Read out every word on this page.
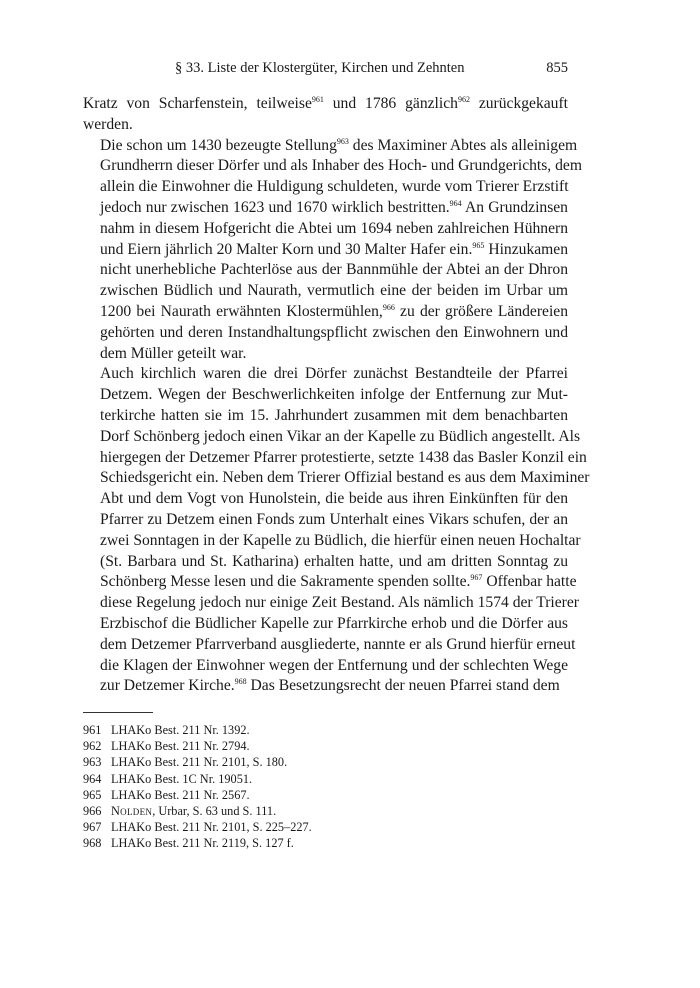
§ 33. Liste der Klostergüter, Kirchen und Zehnten	855

Kratz von Scharfenstein, teilweise$^{961}$ und 1786 gänzlich$^{962}$ zurückgekauft
werden.

Die schon um 1430 bezeugte Stellung$^{963}$ des Maximiner Abtes als alleinigem
Grundherrn dieser Dörfer und als Inhaber des Hoch- und Grundgerichts, dem
allein die Einwohner die Huldigung schuldeten, wurde vom Trierer Erzstift
jedoch nur zwischen 1623 und 1670 wirklich bestritten.$^{964}$ An Grundzinsen
nahm in diesem Hofgericht die Abtei um 1694 neben zahlreichen Hühnern
und Eiern jährlich 20 Malter Korn und 30 Malter Hafer ein.$^{965}$ Hinzukamen
nicht unerhebliche Pachterlöse aus der Bannmühle der Abtei an der Dhron
zwischen Büdlich und Naurath, vermutlich eine der beiden im Urbar um
1200 bei Naurath erwähnten Klostermühlen,$^{966}$ zu der größere Ländereien
gehörten und deren Instandhaltungspflicht zwischen den Einwohnern und
dem Müller geteilt war.

Auch kirchlich waren die drei Dörfer zunächst Bestandteile der Pfarrei
Detzem. Wegen der Beschwerlichkeiten infolge der Entfernung zur Mut-
terkirche hatten sie im 15. Jahrhundert zusammen mit dem benachbarten
Dorf Schönberg jedoch einen Vikar an der Kapelle zu Büdlich angestellt. Als
hiergegen der Detzemer Pfarrer protestierte, setzte 1438 das Basler Konzil ein
Schiedsgericht ein. Neben dem Trierer Offizial bestand es aus dem Maximiner
Abt und dem Vogt von Hunolstein, die beide aus ihren Einkünften für den
Pfarrer zu Detzem einen Fonds zum Unterhalt eines Vikars schufen, der an
zwei Sonntagen in der Kapelle zu Büdlich, die hierfür einen neuen Hochaltar
(St. Barbara und St. Katharina) erhalten hatte, und am dritten Sonntag zu
Schönberg Messe lesen und die Sakramente spenden sollte.$^{967}$ Offenbar hatte
diese Regelung jedoch nur einige Zeit Bestand. Als nämlich 1574 der Trierer
Erzbischof die Büdlicher Kapelle zur Pfarrkirche erhob und die Dörfer aus
dem Detzemer Pfarrverband ausgliederte, nannte er als Grund hierfür erneut
die Klagen der Einwohner wegen der Entfernung und der schlechten Wege
zur Detzemer Kirche.$^{968}$ Das Besetzungsrecht der neuen Pfarrei stand dem

961 LHAKo Best. 211 Nr. 1392.
962 LHAKo Best. 211 Nr. 2794.
963 LHAKo Best. 211 Nr. 2101, S. 180.
964 LHAKo Best. 1C Nr. 19051.
965 LHAKo Best. 211 Nr. 2567.
966 Nolden, Urbar, S. 63 und S. 111.
967 LHAKo Best. 211 Nr. 2101, S. 225–227.
968 LHAKo Best. 211 Nr. 2119, S. 127 f.
